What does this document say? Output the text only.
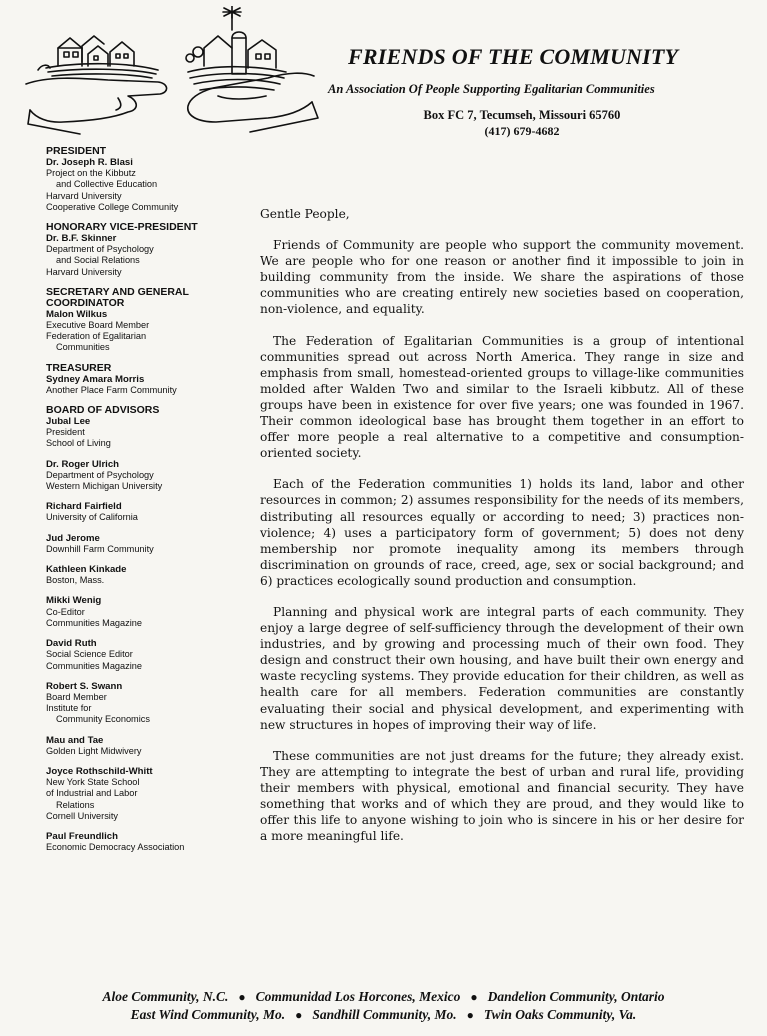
FRIENDS OF THE COMMUNITY
An Association Of People Supporting Egalitarian Communities
Box FC 7, Tecumseh, Missouri 65760
(417) 679-4682
PRESIDENT
Dr. Joseph R. Blasi
Project on the Kibbutz
and Collective Education
Harvard University
Cooperative College Community
HONORARY VICE-PRESIDENT
Dr. B.F. Skinner
Department of Psychology
and Social Relations
Harvard University
SECRETARY AND GENERAL COORDINATOR
Malon Wilkus
Executive Board Member
Federation of Egalitarian
Communities
TREASURER
Sydney Amara Morris
Another Place Farm Community
BOARD OF ADVISORS
Jubal Lee
President
School of Living
Dr. Roger Ulrich
Department of Psychology
Western Michigan University
Richard Fairfield
University of California
Jud Jerome
Downhill Farm Community
Kathleen Kinkade
Boston, Mass.
Mikki Wenig
Co-Editor
Communities Magazine
David Ruth
Social Science Editor
Communities Magazine
Robert S. Swann
Board Member
Institute for
Community Economics
Mau and Tae
Golden Light Midwivery
Joyce Rothschild-Whitt
New York State School
of Industrial and Labor
Relations
Cornell University
Paul Freundlich
Economic Democracy Association

Gentle People,

Friends of Community are people who support the community movement. We are people who for one reason or another find it impossible to join in building community from the inside. We share the aspirations of those communities who are creating entirely new societies based on cooperation, non-violence, and equality.

The Federation of Egalitarian Communities is a group of intentional communities spread out across North America. They range in size and emphasis from small, homestead-oriented groups to village-like communities molded after Walden Two and similar to the Israeli kibbutz. All of these groups have been in existence for over five years; one was founded in 1967. Their common ideological base has brought them together in an effort to offer more people a real alternative to a competitive and consumption-oriented society.

Each of the Federation communities 1) holds its land, labor and other resources in common; 2) assumes responsibility for the needs of its members, distributing all resources equally or according to need; 3) practices non-violence; 4) uses a participatory form of government; 5) does not deny membership nor promote inequality among its members through discrimination on grounds of race, creed, age, sex or social background; and 6) practices ecologically sound production and consumption.

Planning and physical work are integral parts of each community. They enjoy a large degree of self-sufficiency through the development of their own industries, and by growing and processing much of their own food. They design and construct their own housing, and have built their own energy and waste recycling systems. They provide education for their children, as well as health care for all members. Federation communities are constantly evaluating their social and physical development, and experimenting with new structures in hopes of improving their way of life.

These communities are not just dreams for the future; they already exist. They are attempting to integrate the best of urban and rural life, providing their members with physical, emotional and financial security. They have something that works and of which they are proud, and they would like to offer this life to anyone wishing to join who is sincere in his or her desire for a more meaningful life.

Aloe Community, N.C. ● Communidad Los Horcones, Mexico ● Dandelion Community, Ontario
East Wind Community, Mo. ● Sandhill Community, Mo. ● Twin Oaks Community, Va.
